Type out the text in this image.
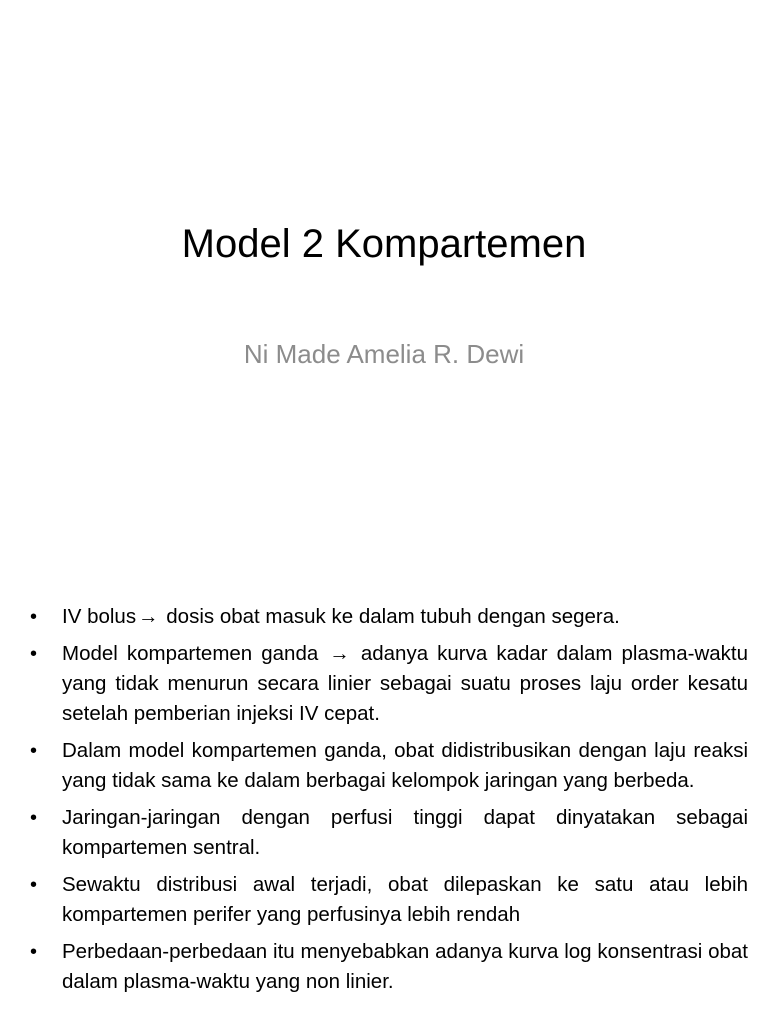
Model 2 Kompartemen
Ni Made Amelia R. Dewi
• IV bolus→ dosis obat masuk ke dalam tubuh dengan segera.
• Model kompartemen ganda → adanya kurva kadar dalam plasma-waktu yang tidak menurun secara linier sebagai suatu proses laju order kesatu setelah pemberian injeksi IV cepat.
• Dalam model kompartemen ganda, obat didistribusikan dengan laju reaksi yang tidak sama ke dalam berbagai kelompok jaringan yang berbeda.
• Jaringan-jaringan dengan perfusi tinggi dapat dinyatakan sebagai kompartemen sentral.
• Sewaktu distribusi awal terjadi, obat dilepaskan ke satu atau lebih kompartemen perifer yang perfusinya lebih rendah
• Perbedaan-perbedaan itu menyebabkan adanya kurva log konsentrasi obat dalam plasma-waktu yang non linier.
